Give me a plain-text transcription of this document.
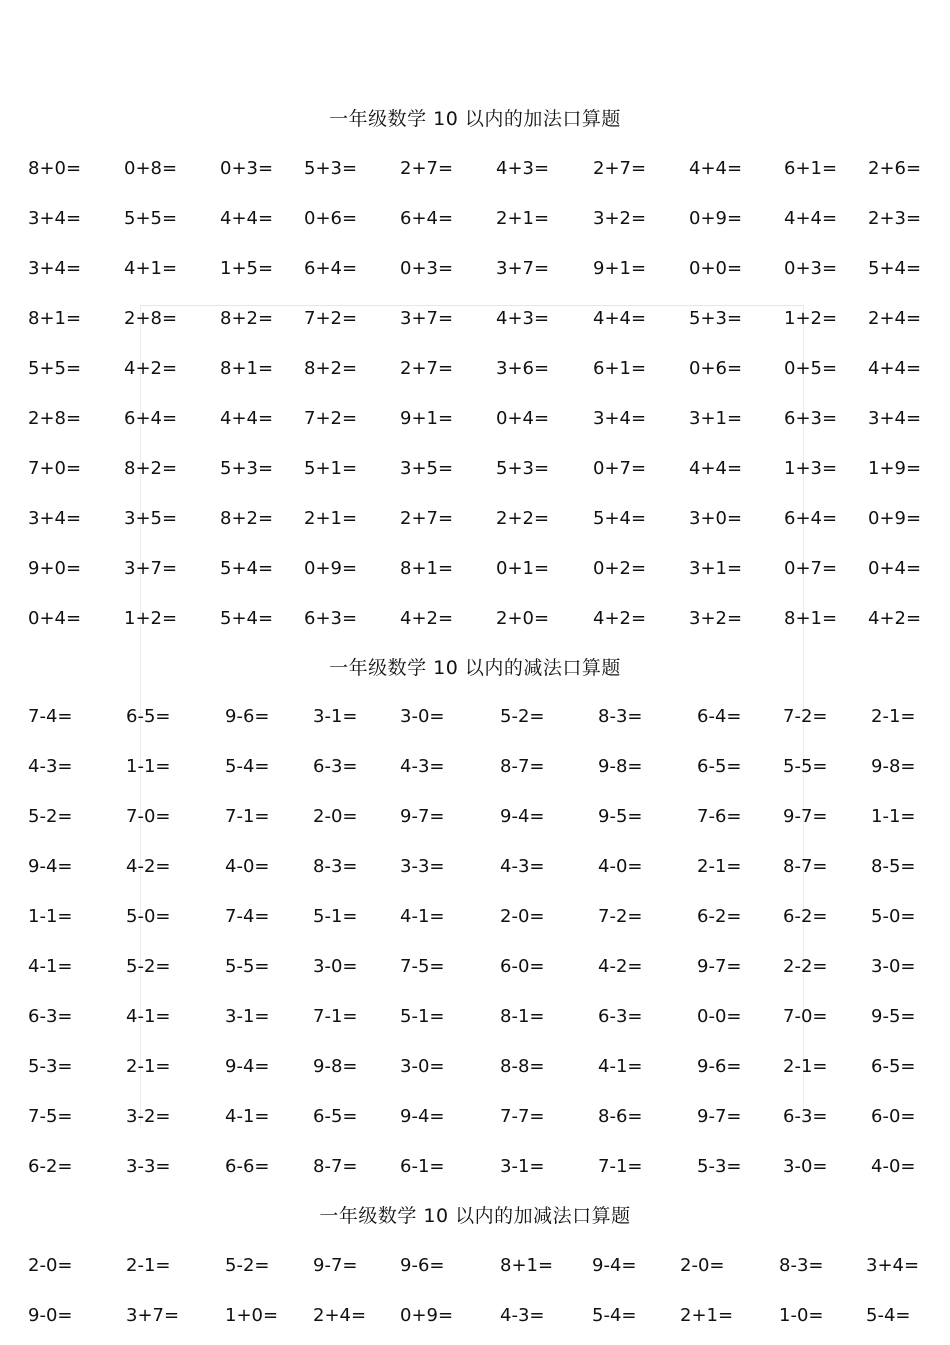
一年级数学 10 以内的加法口算题
8+0= 0+8= 0+3= 5+3= 2+7= 4+3= 2+7= 4+4= 6+1= 2+6=
3+4= 5+5= 4+4= 0+6= 6+4= 2+1= 3+2= 0+9= 4+4= 2+3=
3+4= 4+1= 1+5= 6+4= 0+3= 3+7= 9+1= 0+0= 0+3= 5+4=
8+1= 2+8= 8+2= 7+2= 3+7= 4+3= 4+4= 5+3= 1+2= 2+4=
5+5= 4+2= 8+1= 8+2= 2+7= 3+6= 6+1= 0+6= 0+5= 4+4=
2+8= 6+4= 4+4= 7+2= 9+1= 0+4= 3+4= 3+1= 6+3= 3+4=
7+0= 8+2= 5+3= 5+1= 3+5= 5+3= 0+7= 4+4= 1+3= 1+9=
3+4= 3+5= 8+2= 2+1= 2+7= 2+2= 5+4= 3+0= 6+4= 0+9=
9+0= 3+7= 5+4= 0+9= 8+1= 0+1= 0+2= 3+1= 0+7= 0+4=
0+4= 1+2= 5+4= 6+3= 4+2= 2+0= 4+2= 3+2= 8+1= 4+2=
一年级数学 10 以内的减法口算题
7-4=	6-5=	9-6= 3-1= 3-0=	5-2=	8-3=	6-4= 7-2= 2-1=
4-3=	1-1=	5-4= 6-3= 4-3=	8-7=	9-8=	6-5= 5-5= 9-8=
5-2=	7-0=	7-1= 2-0= 9-7=	9-4=	9-5=	7-6= 9-7= 1-1=
9-4=	4-2=	4-0= 8-3= 3-3=	4-3=	4-0=	2-1= 8-7= 8-5=
1-1=	5-0=	7-4= 5-1= 4-1=	2-0=	7-2=	6-2= 6-2= 5-0=
4-1=	5-2=	5-5= 3-0= 7-5=	6-0=	4-2=	9-7= 2-2= 3-0=
6-3=	4-1=	3-1= 7-1= 5-1=	8-1=	6-3=	0-0= 7-0= 9-5=
5-3=	2-1=	9-4= 9-8= 3-0=	8-8=	4-1=	9-6= 2-1= 6-5=
7-5=	3-2=	4-1= 6-5= 9-4=	7-7=	8-6=	9-7= 6-3= 6-0=
6-2=	3-3=	6-6= 8-7= 6-1=	3-1=	7-1=	5-3= 3-0= 4-0=
一年级数学 10 以内的加减法口算题
2-0=	2-1=	5-2= 9-7= 9-6=	8+1= 9-4= 2-0=	8-3= 3+4=
9-0=	3+7=	1+0= 2+4= 0+9=	4-3=	5-4= 2+1=	1-0= 5-4=
